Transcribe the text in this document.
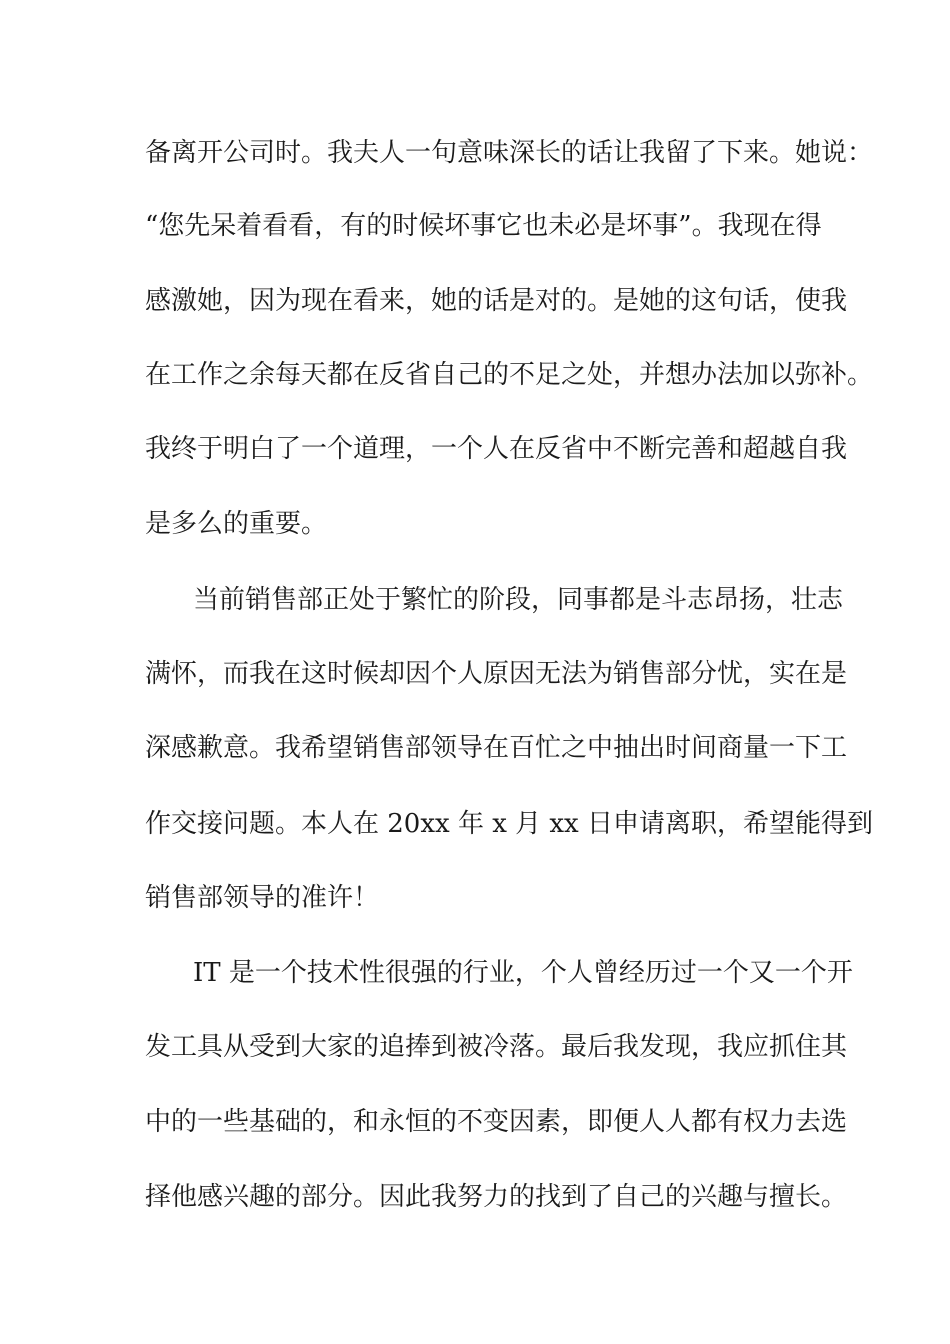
备离开公司时。我夫人一句意味深长的话让我留了下来。她说：
“您先呆着看看，有的时候坏事它也未必是坏事”。我现在得
感激她，因为现在看来，她的话是对的。是她的这句话，使我
在工作之余每天都在反省自己的不足之处，并想办法加以弥补。
我终于明白了一个道理，一个人在反省中不断完善和超越自我
是多么的重要。
当前销售部正处于繁忙的阶段，同事都是斗志昂扬，壮志
满怀，而我在这时候却因个人原因无法为销售部分忧，实在是
深感歉意。我希望销售部领导在百忙之中抽出时间商量一下工
作交接问题。本人在 20xx 年 x 月 xx 日申请离职，希望能得到
销售部领导的准许！
IT 是一个技术性很强的行业，个人曾经历过一个又一个开
发工具从受到大家的追捧到被冷落。最后我发现，我应抓住其
中的一些基础的，和永恒的不变因素，即便人人都有权力去选
择他感兴趣的部分。因此我努力的找到了自己的兴趣与擅长。
